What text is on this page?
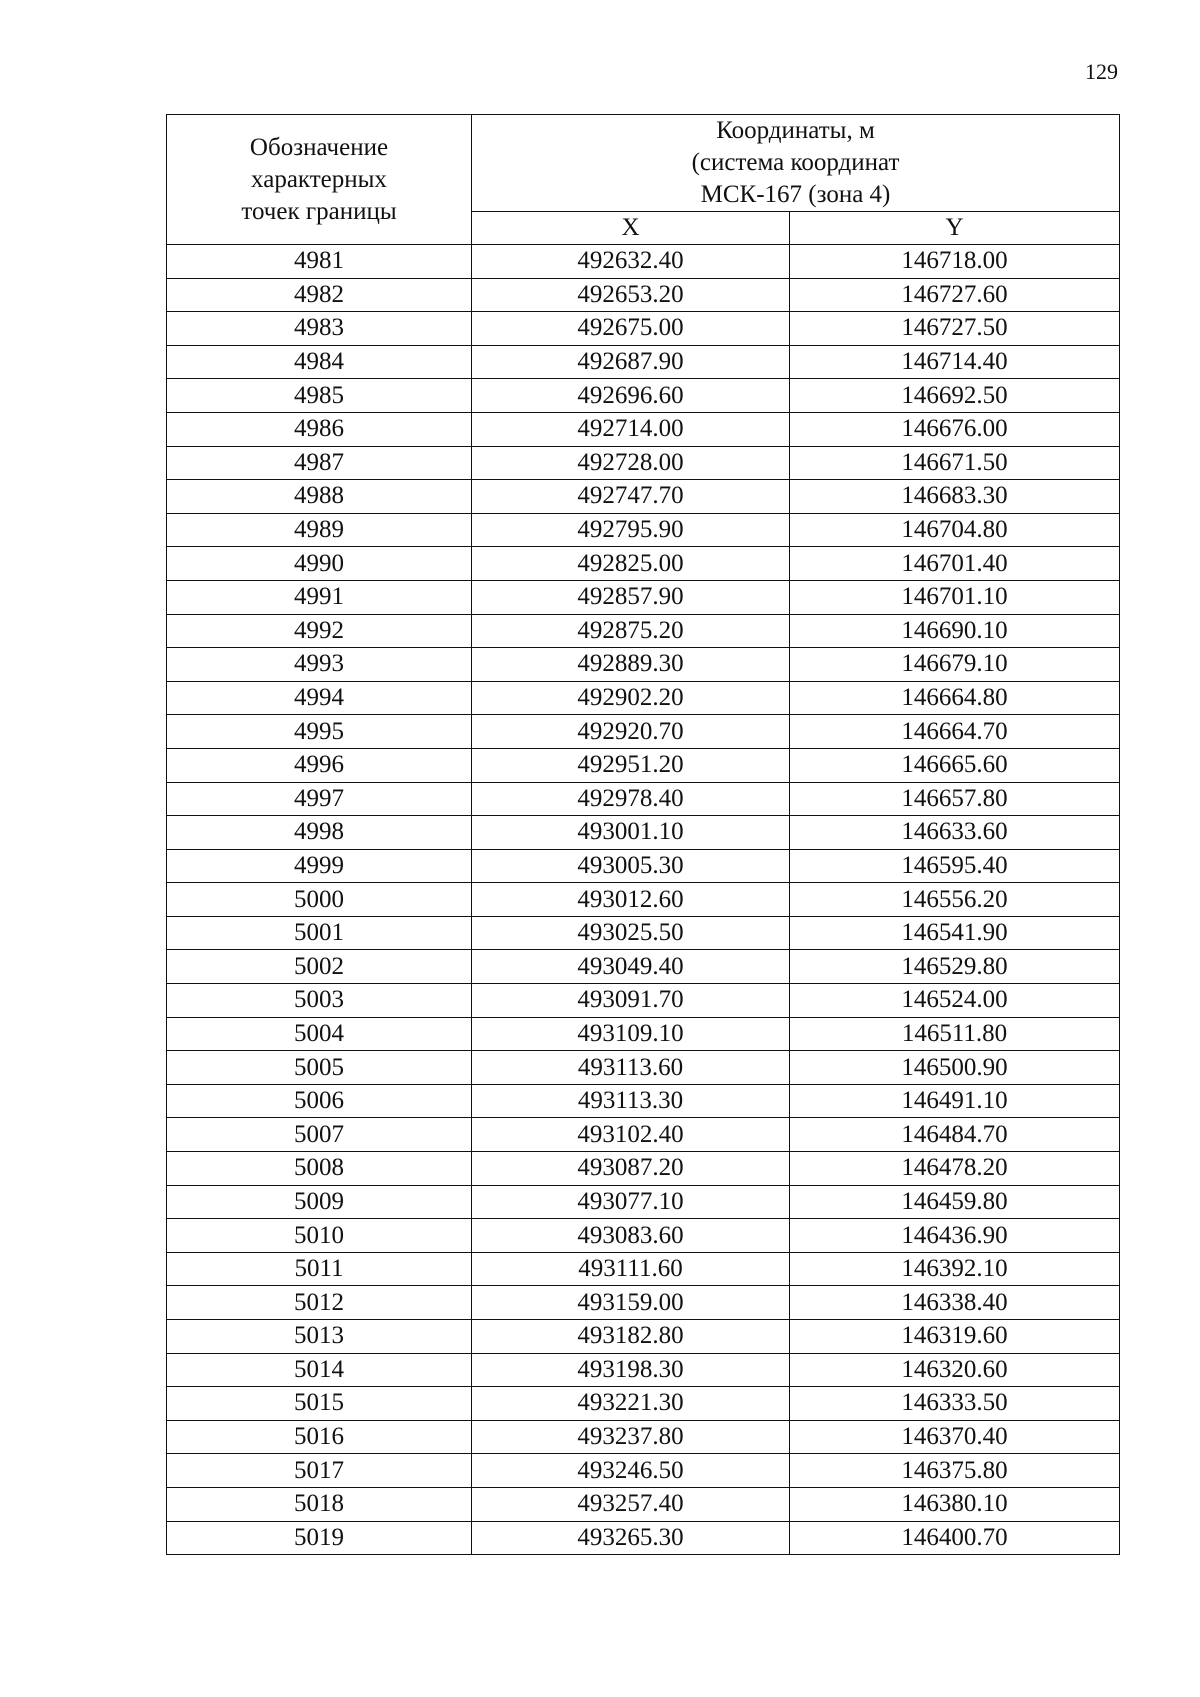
129
Обозначение
характерных
точек границы	Координаты, м
(система координат
МСК-167 (зона 4)	

	X	Y
4981	492632.40	146718.00
4982	492653.20	146727.60
4983	492675.00	146727.50
4984	492687.90	146714.40
4985	492696.60	146692.50
4986	492714.00	146676.00
4987	492728.00	146671.50
4988	492747.70	146683.30
4989	492795.90	146704.80
4990	492825.00	146701.40
4991	492857.90	146701.10
4992	492875.20	146690.10
4993	492889.30	146679.10
4994	492902.20	146664.80
4995	492920.70	146664.70
4996	492951.20	146665.60
4997	492978.40	146657.80
4998	493001.10	146633.60
4999	493005.30	146595.40
5000	493012.60	146556.20
5001	493025.50	146541.90
5002	493049.40	146529.80
5003	493091.70	146524.00
5004	493109.10	146511.80
5005	493113.60	146500.90
5006	493113.30	146491.10
5007	493102.40	146484.70
5008	493087.20	146478.20
5009	493077.10	146459.80
5010	493083.60	146436.90
5011	493111.60	146392.10
5012	493159.00	146338.40
5013	493182.80	146319.60
5014	493198.30	146320.60
5015	493221.30	146333.50
5016	493237.80	146370.40
5017	493246.50	146375.80
5018	493257.40	146380.10
5019	493265.30	146400.70
